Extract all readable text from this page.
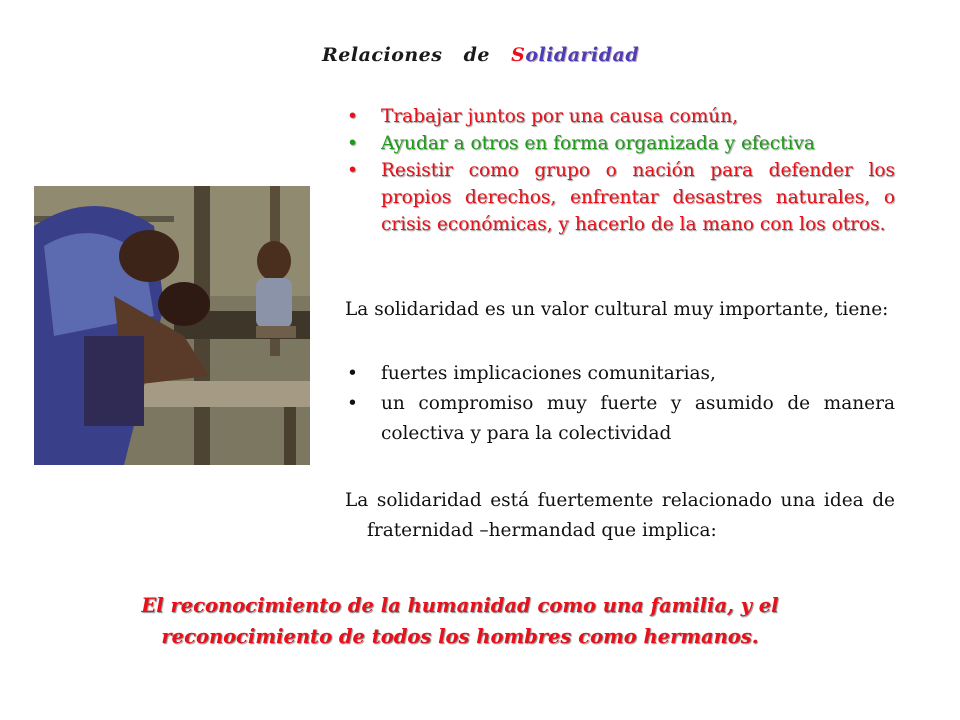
Relaciones de Solidaridad
• Trabajar juntos por una causa común,
• Ayudar a otros en forma organizada y efectiva
• Resistir como grupo o nación para defender los propios derechos, enfrentar desastres naturales, o crisis económicas, y hacerlo de la mano con los otros.

La solidaridad es un valor cultural muy importante, tiene:

• fuertes implicaciones comunitarias,
• un compromiso muy fuerte y asumido de manera colectiva y para la colectividad

La solidaridad está fuertemente relacionado una idea defraternidad –hermandad que implica:

El reconocimiento de la humanidad como una familia, y el
reconocimiento de todos los hombres como hermanos.
